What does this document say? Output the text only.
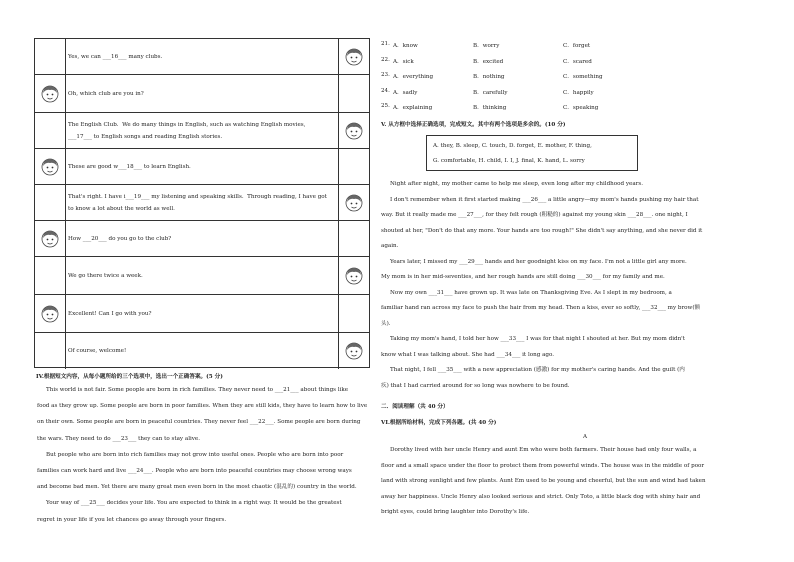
Yes, we can ___16___ many clubs.
Oh, which club are you in?
The English Club.  We do many things in English, such as watching English movies,
___17___ to English songs and reading English stories.
These are good w___18___ to learn English.
That's right. I have i___19___ my listening and speaking skills.  Through reading, I have got
to know a lot about the world as well.
How ___20___ do you go to the club?
We go there twice a week.
Excellent! Can I go with you?
Of course, welcome!
IV.根据短文内容，从每小题所给的三个选项中，选出一个正确答案。(5 分)
This world is not fair. Some people are born in rich families. They never need to ___21___ about things like
food as they grow up. Some people are born in poor families. When they are still kids, they have to learn how to live
on their own. Some people are born in peaceful countries. They never feel ___22___. Some people are born during
the wars. They need to do ___23___ they can to stay alive.
But people who are born into rich families may not grow into useful ones. People who are born into poor
families can work hard and live ___24___. People who are born into peaceful countries may choose wrong ways
and become bad men. Yet there are many great men even born in the most chaotic (混乱的) country in the world.
Your way of ___25___ decides your life. You are expected to think in a right way. It would be the greatest
regret in your life if you let chances go away through your fingers.
21. A．know	B．worry	C．forget
22. A．sick	B．excited	C．scared
23. A．everything	B．nothing	C．something
24. A．sadly	B．carefully	C．happily
25. A．explaining	B．thinking	C．speaking
V. 从方框中选择正确选项，完成短文。其中有两个选项是多余的。(10 分)
A. they, B. sleep, C. touch, D. forget, E. mother, F. thing,
G. comfortable, H. child, I. I, J. final, K. hand, L. sorry
Night after night, my mother came to help me sleep, even long after my childhood years.
I don't remember when it first started making ___26___ a little angry—my mom's hands pushing my hair that
way. But it really made me ___27___, for they felt rough (粗糙的) against my young skin ___28___. one night, I
shouted at her, "Don't do that any more. Your hands are too rough!" She didn't say anything, and she never did it
again.
Years later, I missed my ___29___ hands and her goodnight kiss on my face. I'm not a little girl any more.
My mom is in her mid-seventies, and her rough hands are still doing ___30___ for my family and me.
Now my own ___31___ have grown up. It was late on Thanksgiving Eve. As I slept in my bedroom, a
familiar hand ran across my face to push the hair from my head. Then a kiss, ever so softly, ___32___ my brow(额
头).
Taking my mom's hand, I told her how ___33___ I was for that night I shouted at her. But my mom didn't
know what I was talking about. She had ___34___ it long ago.
That night, I fell ___35___ with a new appreciation (感激) for my mother's caring hands. And the guilt (内
疚) that I had carried around for so long was nowhere to be found.
二．阅读理解（共 40 分）
VI.根据所给材料，完成下列各题。(共 40 分)
A
Dorothy lived with her uncle Henry and aunt Em who were both farmers. Their house had only four walls, a
floor and a small space under the floor to protect them from powerful winds. The house was in the middle of poor
land with strong sunlight and few plants. Aunt Em used to be young and cheerful, but the sun and wind had taken
away her happiness. Uncle Henry also looked serious and strict. Only Toto, a little black dog with shiny hair and
bright eyes, could bring laughter into Dorothy's life.
